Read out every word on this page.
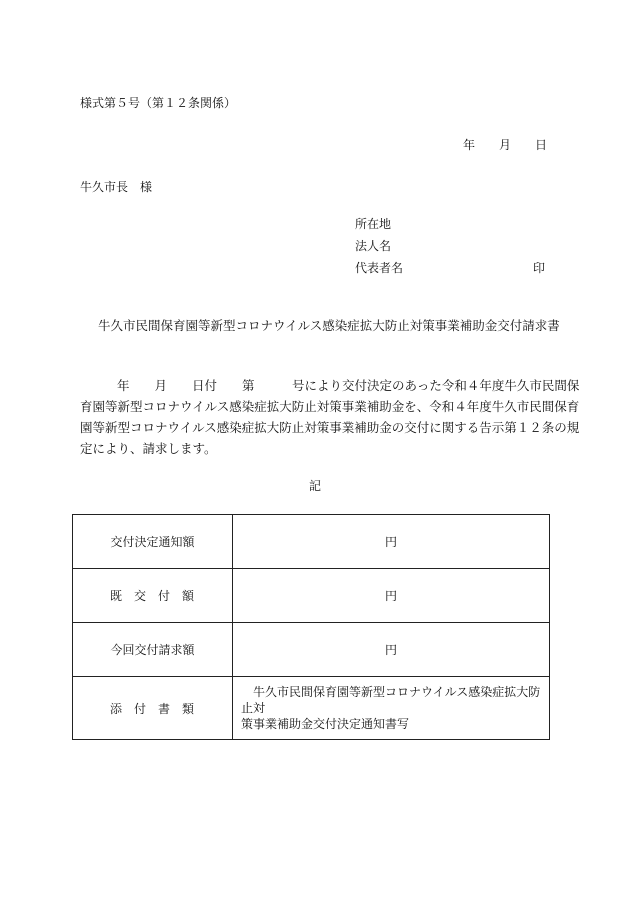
様式第５号（第１２条関係）
年 月 日
牛久市長　様
所在地
法人名
代表者名	印
牛久市民間保育園等新型コロナウイルス感染症拡大防止対策事業補助金交付請求書
　　年　　月　　日付　　第　　　号により交付決定のあった令和４年度牛久市民間保
育園等新型コロナウイルス感染症拡大防止対策事業補助金を、令和４年度牛久市民間保育
園等新型コロナウイルス感染症拡大防止対策事業補助金の交付に関する告示第１２条の規
定により、請求します。
記
交付決定通知額	円
既交付額	円
今回交付請求額	円
添付書類	　牛久市民間保育園等新型コロナウイルス感染症拡大防止対
策事業補助金交付決定通知書写
